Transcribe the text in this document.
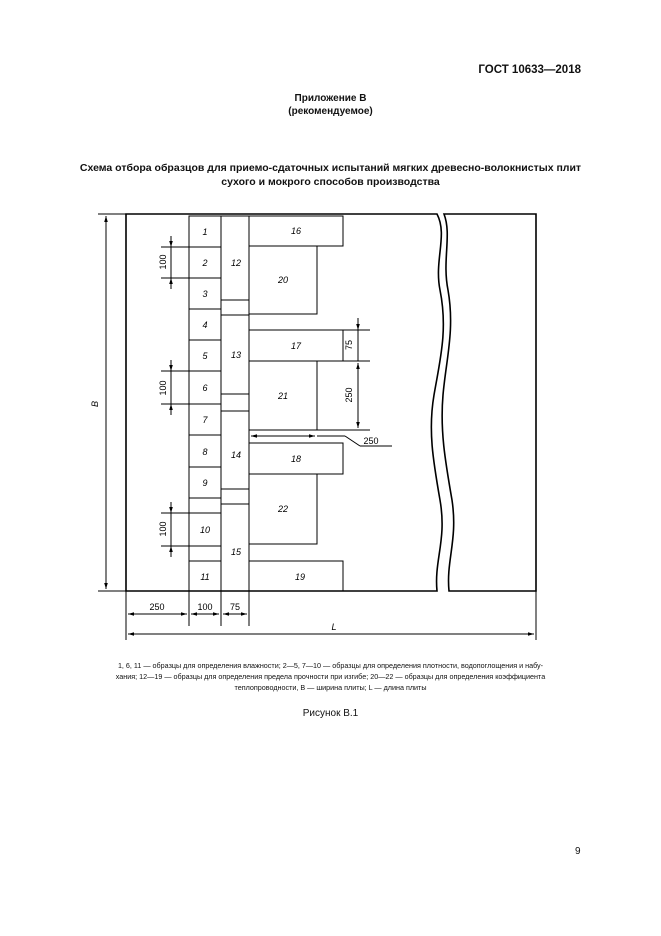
ГОСТ 10633—2018
Приложение В
(рекомендуемое)
Схема отбора образцов для приемо-сдаточных испытаний мягких древесно-волокнистых плит
сухого и мокрого способов производства
1
2
3
4
5
6
7
8
9
10
11
12
13
14
15
16
20
17
21
18
22
19
B
100
100
100
75
250
250
250	100 75
L
1, 6, 11 — образцы для определения влажности; 2—5, 7—10 — образцы для определения плотности, водопоглощения и набу-
хания; 12—19 — образцы для определения предела прочности при изгибе; 20—22 — образцы для определения коэффициента
теплопроводности, B — ширина плиты; L — длина плиты
Рисунок В.1
9
